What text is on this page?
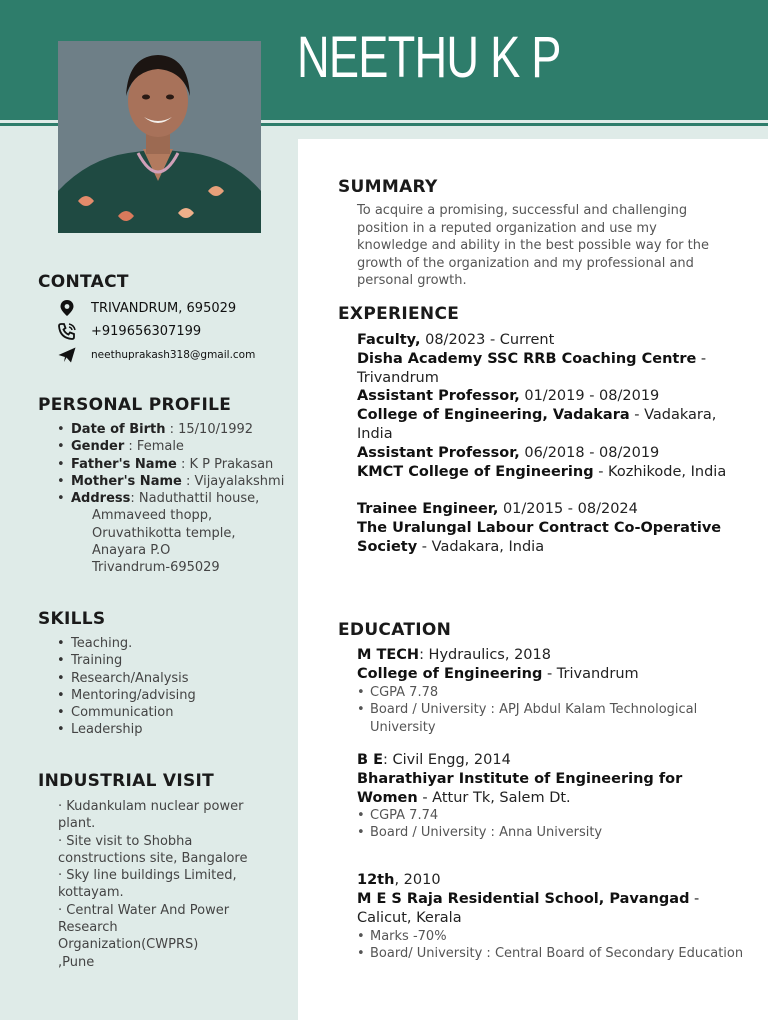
NEETHU K P
CONTACT
TRIVANDRUM, 695029
+919656307199
neethuprakash318@gmail.com
PERSONAL PROFILE
• Date of Birth : 15/10/1992
• Gender : Female
• Father's Name : K P Prakasan
• Mother's Name : Vijayalakshmi
• Address: Naduthattil house,
Ammaveed thopp,
Oruvathikotta temple,
Anayara P.O
Trivandrum-695029
SKILLS
• Teaching.
• Training
• Research/Analysis
• Mentoring/advising
• Communication
• Leadership
INDUSTRIAL VISIT
· Kudankulam nuclear power
plant.
· Site visit to Shobha
constructions site, Bangalore
· Sky line buildings Limited,
kottayam.
· Central Water And Power
Research Organization(CWPRS)
,Pune
SUMMARY
To acquire a promising, successful and challenging position in a reputed organization and use my knowledge and ability in the best possible way for the growth of the organization and my professional and personal growth.
EXPERIENCE
Faculty, 08/2023 - Current
Disha Academy SSC RRB Coaching Centre - Trivandrum
Assistant Professor, 01/2019 - 08/2019
College of Engineering, Vadakara - Vadakara, India
Assistant Professor, 06/2018 - 08/2019
KMCT College of Engineering - Kozhikode, India
Trainee Engineer, 01/2015 - 08/2024
The Uralungal Labour Contract Co-Operative Society - Vadakara, India
EDUCATION
M TECH: Hydraulics, 2018
College of Engineering - Trivandrum
• CGPA 7.78
• Board / University : APJ Abdul Kalam Technological University
B E: Civil Engg, 2014
Bharathiyar Institute of Engineering for Women - Attur Tk, Salem Dt.
• CGPA 7.74
• Board / University : Anna University
12th, 2010
M E S Raja Residential School, Pavangad - Calicut, Kerala
• Marks -70%
• Board/ University : Central Board of Secondary Education
